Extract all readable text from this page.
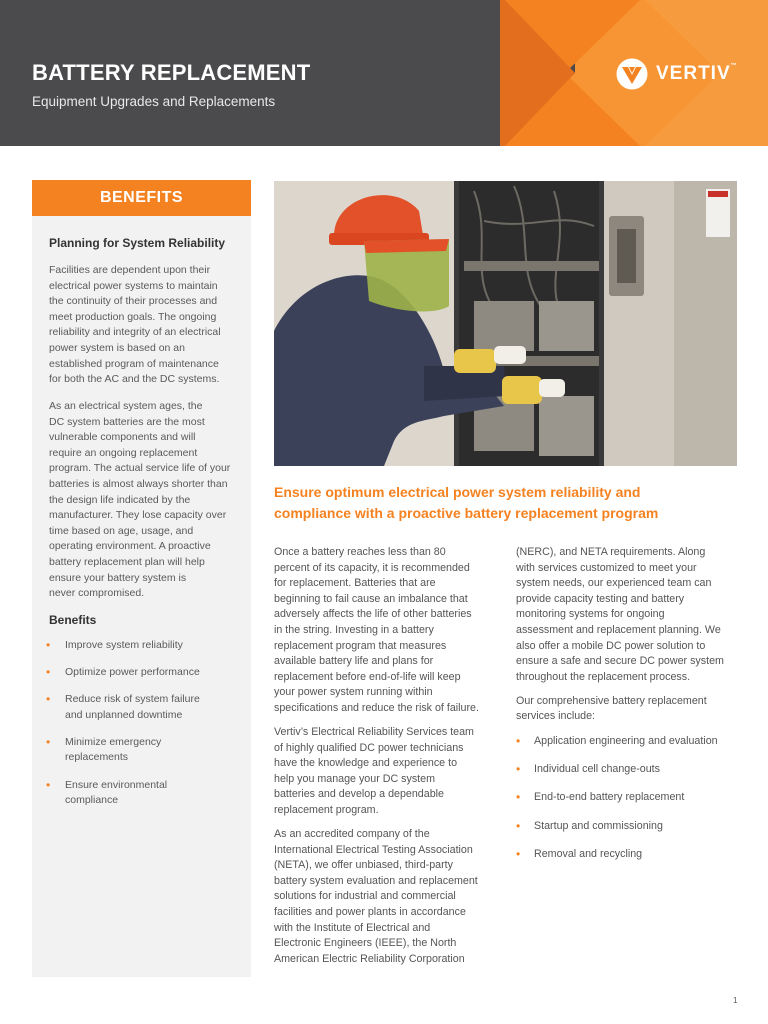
BATTERY REPLACEMENT
Equipment Upgrades and Replacements
VERTIV™
BENEFITS
Planning for System Reliability
Facilities are dependent upon their
electrical power systems to maintain
the continuity of their processes and
meet production goals. The ongoing
reliability and integrity of an electrical
power system is based on an
established program of maintenance
for both the AC and the DC systems.
As an electrical system ages, the
DC system batteries are the most
vulnerable components and will
require an ongoing replacement
program. The actual service life of your
batteries is almost always shorter than
the design life indicated by the
manufacturer. They lose capacity over
time based on age, usage, and
operating environment. A proactive
battery replacement plan will help
ensure your battery system is
never compromised.
Benefits
• Improve system reliability
• Optimize power performance
• Reduce risk of system failure
and unplanned downtime
• Minimize emergency
replacements
• Ensure environmental
compliance
Ensure optimum electrical power system reliability and
compliance with a proactive battery replacement program

Once a battery reaches less than 80
percent of its capacity, it is recommended
for replacement. Batteries that are
beginning to fail cause an imbalance that
adversely affects the life of other batteries
in the string. Investing in a battery
replacement program that measures
available battery life and plans for
replacement before end-of-life will keep
your power system running within
specifications and reduce the risk of failure.

Vertiv’s Electrical Reliability Services team
of highly qualified DC power technicians
have the knowledge and experience to
help you manage your DC system
batteries and develop a dependable
replacement program.

As an accredited company of the
International Electrical Testing Association
(NETA), we offer unbiased, third-party
battery system evaluation and replacement
solutions for industrial and commercial
facilities and power plants in accordance
with the Institute of Electrical and
Electronic Engineers (IEEE), the North
American Electric Reliability Corporation

(NERC), and NETA requirements. Along
with services customized to meet your
system needs, our experienced team can
provide capacity testing and battery
monitoring systems for ongoing
assessment and replacement planning. We
also offer a mobile DC power solution to
ensure a safe and secure DC power system
throughout the replacement process.

Our comprehensive battery replacement
services include:

• Application engineering and evaluation
• Individual cell change-outs
• End-to-end battery replacement
• Startup and commissioning
• Removal and recycling
1
